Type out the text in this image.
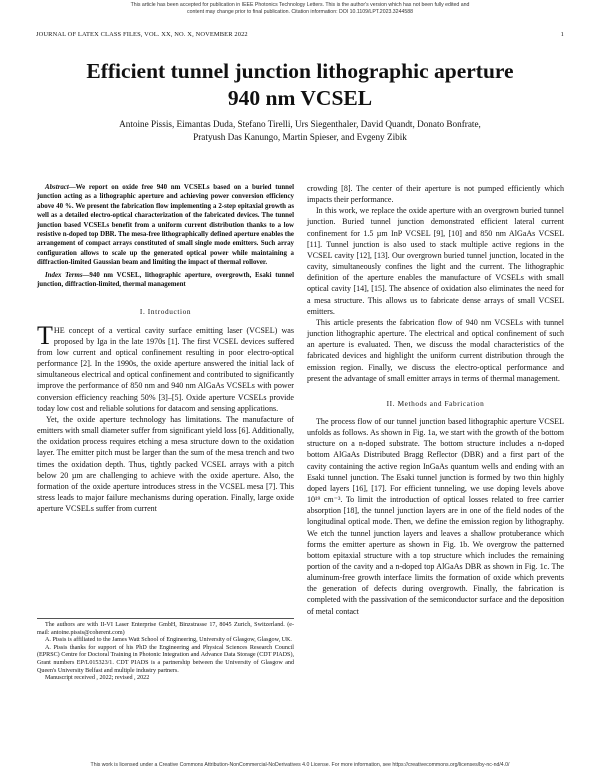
This article has been accepted for publication in IEEE Photonics Technology Letters. This is the author's version which has not been fully edited and
content may change prior to final publication. Citation information: DOI 10.1109/LPT.2023.3244588
JOURNAL OF LATEX CLASS FILES, VOL. XX, NO. X, NOVEMBER 2022	1
Efficient tunnel junction lithographic aperture
940 nm VCSEL
Antoine Pissis, Eimantas Duda, Stefano Tirelli, Urs Siegenthaler, David Quandt, Donato Bonfrate,
Pratyush Das Kanungo, Martin Spieser, and Evgeny Zibik

Abstract—We report on oxide free 940 nm VCSELs based on a buried tunnel junction acting as a lithographic aperture and achieving power conversion efficiency above 40 %. We present the fabrication flow implementing a 2-step epitaxial growth as well as a detailed electro-optical characterization of the fabricated devices. The tunnel junction based VCSELs benefit from a uniform current distribution thanks to a low resistive n-doped top DBR. The mesa-free lithographically defined aperture enables the arrangement of compact arrays constituted of small single mode emitters. Such array configuration allows to scale up the generated optical power while maintaining a diffraction-limited Gaussian beam and limiting the impact of thermal rollover.

Index Terms—940 nm VCSEL, lithographic aperture, overgrowth, Esaki tunnel junction, diffraction-limited, thermal management

I. Introduction

THE concept of a vertical cavity surface emitting laser (VCSEL) was proposed by Iga in the late 1970s [1]. The first VCSEL devices suffered from low current and optical confinement resulting in poor electro-optical performance [2]. In the 1990s, the oxide aperture answered the initial lack of simultaneous electrical and optical confinement and contributed to significantly improve the performance of 850 nm and 940 nm AlGaAs VCSELs with power conversion efficiency reaching 50% [3]–[5]. Oxide aperture VCSELs provide today low cost and reliable solutions for datacom and sensing applications.

Yet, the oxide aperture technology has limitations. The manufacture of emitters with small diameter suffer from significant yield loss [6]. Additionally, the oxidation process requires etching a mesa structure down to the oxidation layer. The emitter pitch must be larger than the sum of the mesa trench and two times the oxidation depth. Thus, tightly packed VCSEL arrays with a pitch below 20 µm are challenging to achieve with the oxide aperture. Also, the formation of the oxide aperture introduces stress in the VCSEL mesa [7]. This stress leads to major failure mechanisms during operation. Finally, large oxide aperture VCSELs suffer from current

crowding [8]. The center of their aperture is not pumped efficiently which impacts their performance.

In this work, we replace the oxide aperture with an overgrown buried tunnel junction. Buried tunnel junction demonstrated efficient lateral current confinement for 1.5 µm InP VCSEL [9], [10] and 850 nm AlGaAs VCSEL [11]. Tunnel junction is also used to stack multiple active regions in the VCSEL cavity [12], [13]. Our overgrown buried tunnel junction, located in the cavity, simultaneously confines the light and the current. The lithographic definition of the aperture enables the manufacture of VCSELs with small optical cavity [14], [15]. The absence of oxidation also eliminates the need for a mesa structure. This allows us to fabricate dense arrays of small VCSEL emitters.

This article presents the fabrication flow of 940 nm VCSELs with tunnel junction lithographic aperture. The electrical and optical confinement of such an aperture is evaluated. Then, we discuss the modal characteristics of the fabricated devices and highlight the uniform current distribution through the emission region. Finally, we discuss the electro-optical performance and present the advantage of small emitter arrays in terms of thermal management.

II. Methods and Fabrication

The process flow of our tunnel junction based lithographic aperture VCSEL unfolds as follows. As shown in Fig. 1a, we start with the growth of the bottom structure on a n-doped substrate. The bottom structure includes a n-doped bottom AlGaAs Distributed Bragg Reflector (DBR) and a first part of the cavity containing the active region InGaAs quantum wells and ending with an Esaki tunnel junction. The Esaki tunnel junction is formed by two thin highly doped layers [16], [17]. For efficient tunneling, we use doping levels above 10¹⁹ cm⁻³. To limit the introduction of optical losses related to free carrier absorption [18], the tunnel junction layers are in one of the field nodes of the longitudinal optical mode. Then, we define the emission region by lithography. We etch the tunnel junction layers and leaves a shallow protuberance which forms the emitter aperture as shown in Fig. 1b. We overgrow the patterned bottom epitaxial structure with a top structure which includes the remaining portion of the cavity and a n-doped top AlGaAs DBR as shown in Fig. 1c. The aluminum-free growth interface limits the formation of oxide which prevents the generation of defects during overgrowth. Finally, the fabrication is completed with the passivation of the semiconductor surface and the deposition of metal contact

The authors are with II-VI Laser Enterprise GmbH, Binzstrasse 17, 8045 Zurich, Switzerland. (e-mail: antoine.pissis@coherent.com)

A. Pissis is affiliated to the James Watt School of Engineering, University of Glasgow, Glasgow, UK.

A. Pissis thanks for support of his PhD the Engineering and Physical Sciences Research Council (EPRSC) Centre for Doctoral Training in Photonic Integration and Advance Data Storage (CDT PIADS), Grant numbers EP/L015323/1. CDT PIADS is a partnership between the University of Glasgow and Queen's University Belfast and multiple industry partners.

Manuscript received , 2022; revised , 2022

This work is licensed under a Creative Commons Attribution-NonCommercial-NoDerivatives 4.0 License. For more information, see https://creativecommons.org/licenses/by-nc-nd/4.0/
